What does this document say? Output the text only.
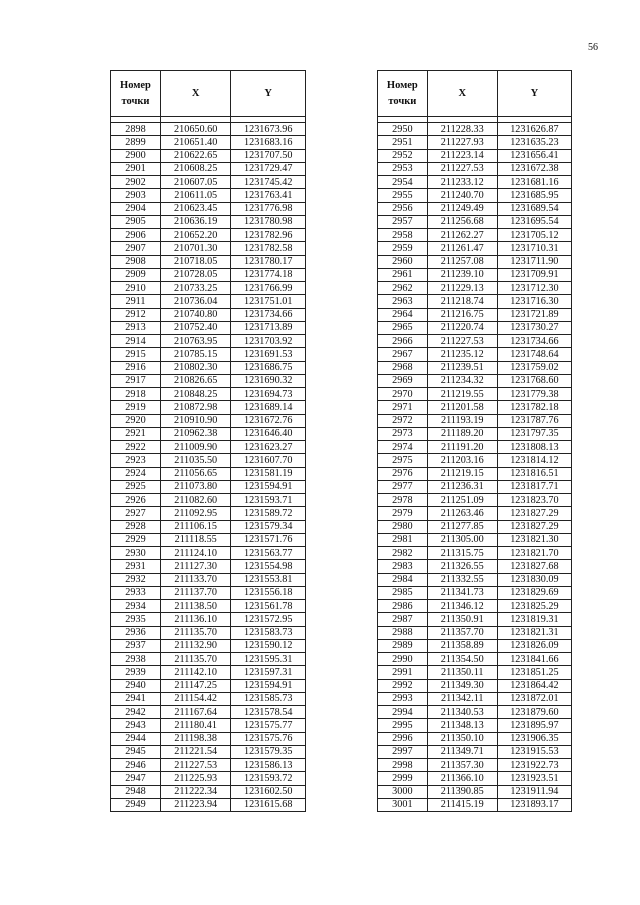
56
Номер
точки	X	Y

2898	210650.60	1231673.96
2899	210651.40	1231683.16
2900	210622.65	1231707.50
2901	210608.25	1231729.47
2902	210607.05	1231745.42
2903	210611.05	1231763.41
2904	210623.45	1231776.98
2905	210636.19	1231780.98
2906	210652.20	1231782.96
2907	210701.30	1231782.58
2908	210718.05	1231780.17
2909	210728.05	1231774.18
2910	210733.25	1231766.99
2911	210736.04	1231751.01
2912	210740.80	1231734.66
2913	210752.40	1231713.89
2914	210763.95	1231703.92
2915	210785.15	1231691.53
2916	210802.30	1231686.75
2917	210826.65	1231690.32
2918	210848.25	1231694.73
2919	210872.98	1231689.14
2920	210910.90	1231672.76
2921	210962.38	1231646.40
2922	211009.90	1231623.27
2923	211035.50	1231607.70
2924	211056.65	1231581.19
2925	211073.80	1231594.91
2926	211082.60	1231593.71
2927	211092.95	1231589.72
2928	211106.15	1231579.34
2929	211118.55	1231571.76
2930	211124.10	1231563.77
2931	211127.30	1231554.98
2932	211133.70	1231553.81
2933	211137.70	1231556.18
2934	211138.50	1231561.78
2935	211136.10	1231572.95
2936	211135.70	1231583.73
2937	211132.90	1231590.12
2938	211135.70	1231595.31
2939	211142.10	1231597.31
2940	211147.25	1231594.91
2941	211154.42	1231585.73
2942	211167.64	1231578.54
2943	211180.41	1231575.77
2944	211198.38	1231575.76
2945	211221.54	1231579.35
2946	211227.53	1231586.13
2947	211225.93	1231593.72
2948	211222.34	1231602.50
2949	211223.94	1231615.68
Номер
точки	X	Y

2950	211228.33	1231626.87
2951	211227.93	1231635.23
2952	211223.14	1231656.41
2953	211227.53	1231672.38
2954	211233.12	1231681.16
2955	211240.70	1231685.95
2956	211249.49	1231689.54
2957	211256.68	1231695.54
2958	211262.27	1231705.12
2959	211261.47	1231710.31
2960	211257.08	1231711.90
2961	211239.10	1231709.91
2962	211229.13	1231712.30
2963	211218.74	1231716.30
2964	211216.75	1231721.89
2965	211220.74	1231730.27
2966	211227.53	1231734.66
2967	211235.12	1231748.64
2968	211239.51	1231759.02
2969	211234.32	1231768.60
2970	211219.55	1231779.38
2971	211201.58	1231782.18
2972	211193.19	1231787.76
2973	211189.20	1231797.35
2974	211191.20	1231808.13
2975	211203.16	1231814.12
2976	211219.15	1231816.51
2977	211236.31	1231817.71
2978	211251.09	1231823.70
2979	211263.46	1231827.29
2980	211277.85	1231827.29
2981	211305.00	1231821.30
2982	211315.75	1231821.70
2983	211326.55	1231827.68
2984	211332.55	1231830.09
2985	211341.73	1231829.69
2986	211346.12	1231825.29
2987	211350.91	1231819.31
2988	211357.70	1231821.31
2989	211358.89	1231826.09
2990	211354.50	1231841.66
2991	211350.11	1231851.25
2992	211349.30	1231864.42
2993	211342.11	1231872.01
2994	211340.53	1231879.60
2995	211348.13	1231895.97
2996	211350.10	1231906.35
2997	211349.71	1231915.53
2998	211357.30	1231922.73
2999	211366.10	1231923.51
3000	211390.85	1231911.94
3001	211415.19	1231893.17
